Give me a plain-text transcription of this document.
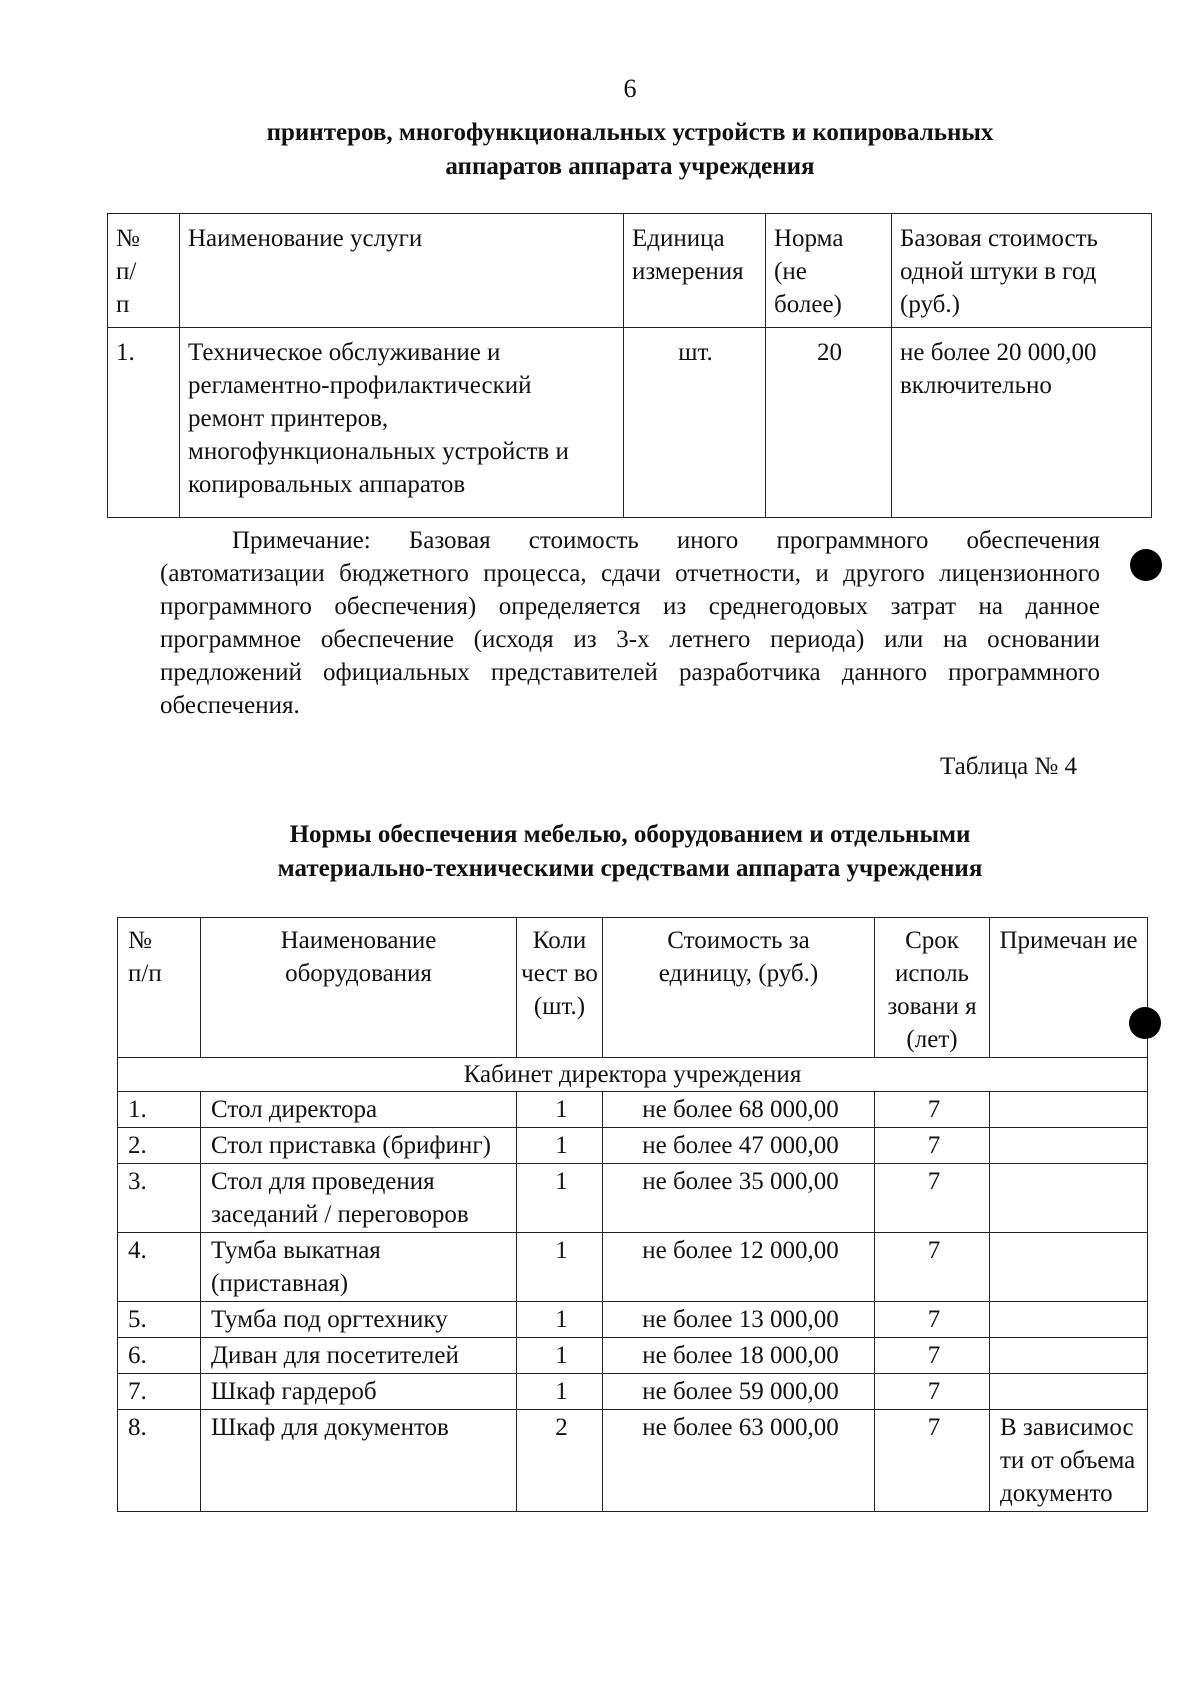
6
принтеров, многофункциональных устройств и копировальных
аппаратов аппарата учреждения
№ п/п	Наименование услуги	Единица измерения	Норма (не более)	Базовая стоимость одной штуки в год (руб.)
1.	Техническое обслуживание и регламентно-профилактический ремонт принтеров, многофункциональных устройств и копировальных аппаратов	шт.	20	не более 20 000,00 включительно
Примечание: Базовая стоимость иного программного обеспечения (автоматизации бюджетного процесса, сдачи отчетности, и другого лицензионного программного обеспечения) определяется из среднегодовых затрат на данное программное обеспечение (исходя из 3-х летнего периода) или на основании предложений официальных представителей разработчика данного программного обеспечения.
Таблица № 4
Нормы обеспечения мебелью, оборудованием и отдельными
материально-техническими средствами аппарата учреждения
№ п/п	Наименование оборудования	Коли чест во (шт.)	Стоимость за единицу, (руб.)	Срок исполь зовани я (лет)	Примечан ие
Кабинет директора учреждения					
1.	Стол директора	1	не более 68 000,00	7	
2.	Стол приставка (брифинг)	1	не более 47 000,00	7	
3.	Стол для проведения заседаний / переговоров	1	не более 35 000,00	7	
4.	Тумба выкатная (приставная)	1	не более 12 000,00	7	
5.	Тумба под оргтехнику	1	не более 13 000,00	7	
6.	Диван для посетителей	1	не более 18 000,00	7	
7.	Шкаф гардероб	1	не более 59 000,00	7	
8.	Шкаф для документов	2	не более 63 000,00	7	В зависимос ти от объема документо
